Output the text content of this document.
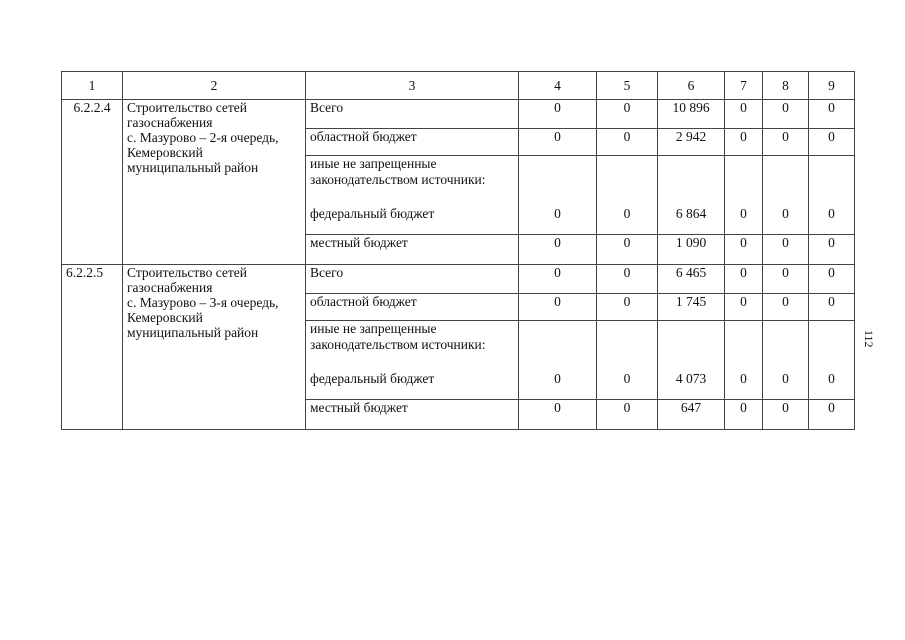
1	2	3	4	5	6	7	8	9
6.2.2.4	Строительство сетей
газоснабжения
с. Мазурово – 2-я очередь,
Кемеровский
муниципальный район	Всего	0	0	10 896	0	0	0
		областной бюджет	0	0	2 942	0	0	0
		иные не запрещенные законодательством источники:						
		федеральный бюджет	0	0	6 864	0	0	0
		местный бюджет	0	0	1 090	0	0	0
6.2.2.5	Строительство сетей
газоснабжения
с. Мазурово – 3-я очередь,
Кемеровский
муниципальный район	Всего	0	0	6 465	0	0	0
		областной бюджет	0	0	1 745	0	0	0
		иные не запрещенные законодательством источники:						
		федеральный бюджет	0	0	4 073	0	0	0
		местный бюджет	0	0	647	0	0	0
112
